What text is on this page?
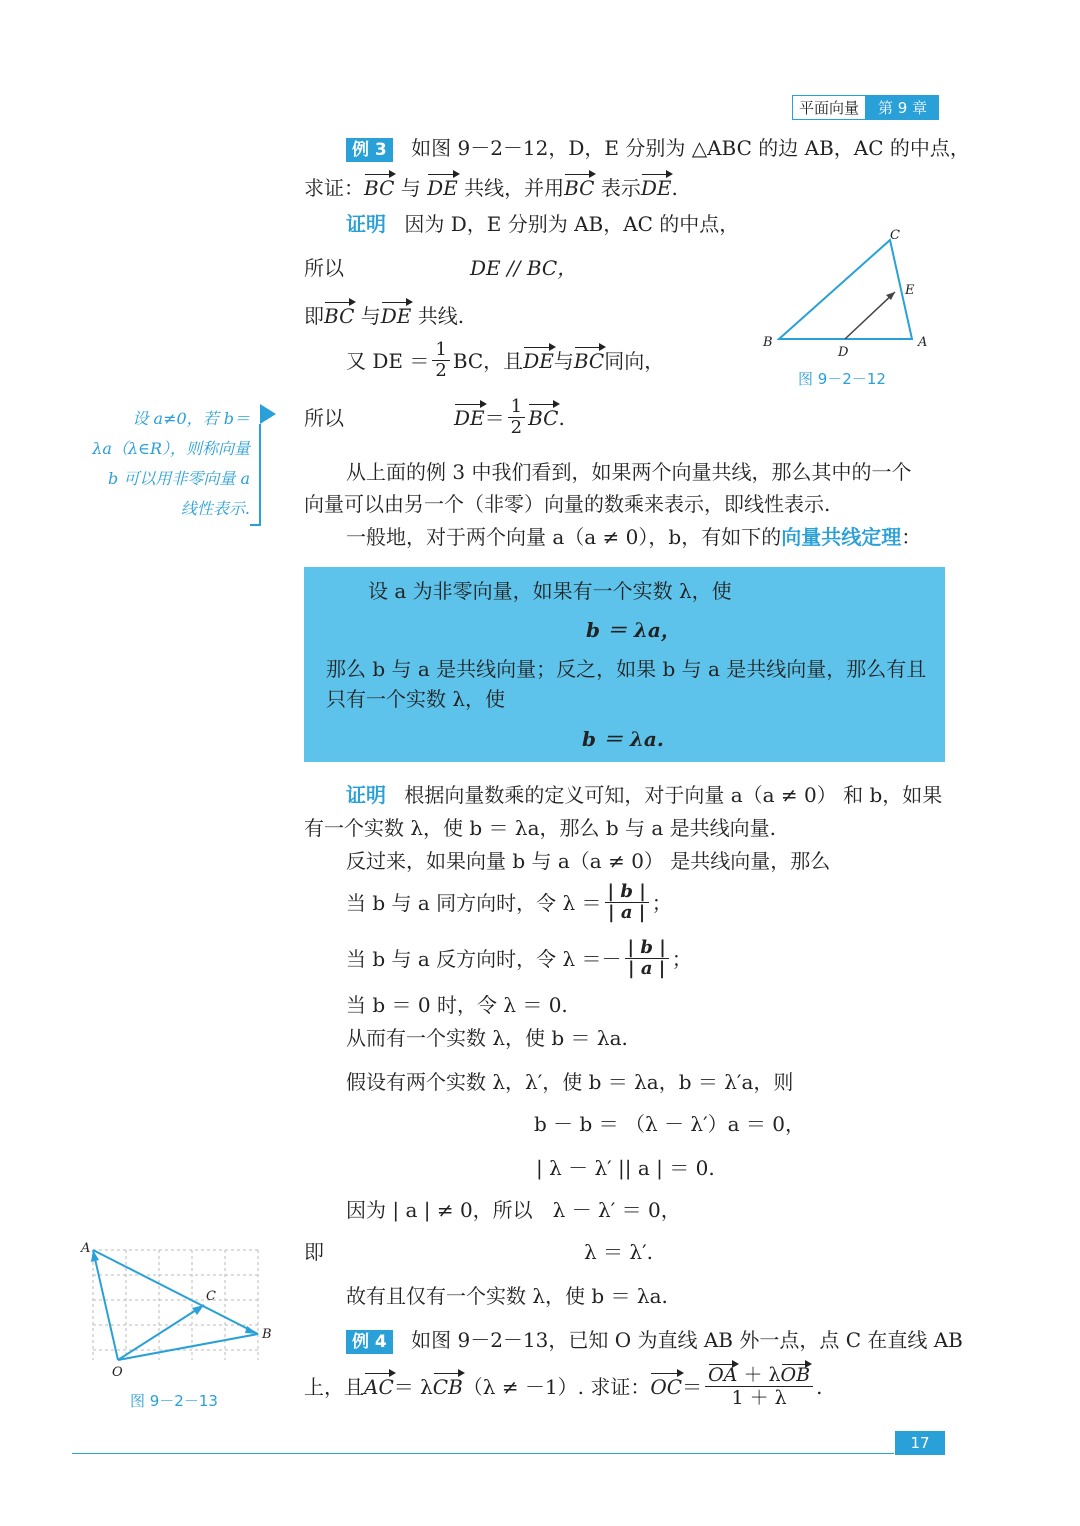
平面向量	第 9 章
例 3 如图 9－2－12，D，E 分别为 △ABC 的边 AB，AC 的中点，
求证：BC 与 DE 共线，并用BC 表示DE.
证明 因为 D，E 分别为 AB，AC 的中点，
所以	DE // BC，
即BC 与DE 共线.
又 DE ＝ $\frac{1}{2}$ BC，且 DE 与 BC 同向，
所以	DE ＝ $\frac{1}{2}$ BC .
B
C
A
D
E
图 9－2－12
设 a≠0，若 b＝
λa（λ∈R），则称向量
b 可以用非零向量 a
线性表示.
从上面的例 3 中我们看到，如果两个向量共线，那么其中的一个
向量可以由另一个（非零）向量的数乘来表示，即线性表示.
一般地，对于两个向量 a（a ≠ 0），b，有如下的向量共线定理：
设 a 为非零向量，如果有一个实数 λ，使
b ＝ λa，
那么 b 与 a 是共线向量；反之，如果 b 与 a 是共线向量，那么有且
只有一个实数 λ，使
b ＝ λa.
证明 根据向量数乘的定义可知，对于向量 a（a ≠ 0） 和 b，如果
有一个实数 λ，使 b ＝ λa，那么 b 与 a 是共线向量.
反过来，如果向量 b 与 a（a ≠ 0） 是共线向量，那么
当 b 与 a 同方向时，令 $\lambda = \frac{| b |}{| a |}$ ；
当 b 与 a 反方向时，令 $\lambda =- \frac{| b |}{| a |}$ ；
当 b ＝ 0 时，令 λ ＝ 0.
从而有一个实数 λ，使 b ＝ λa.
假设有两个实数 λ，λ′，使 b ＝ λa，b ＝ λ′a，则
b － b ＝ （λ － λ′）a ＝ 0，
| λ － λ′ || a | ＝ 0.
因为 | a | ≠ 0，所以　λ － λ′ ＝ 0，
即	λ ＝ λ′.
故有且仅有一个实数 λ，使 b ＝ λa.
例 4 如图 9－2－13，已知 O 为直线 AB 外一点，点 C 在直线 AB
上，且 AC ＝ λ CB （λ ≠ －1）. 求证： OC ＝ $\frac{\text{OA ＋ λOB}}{1 + \lambda}$ .
A
B
C
O
图 9－2－13
17
